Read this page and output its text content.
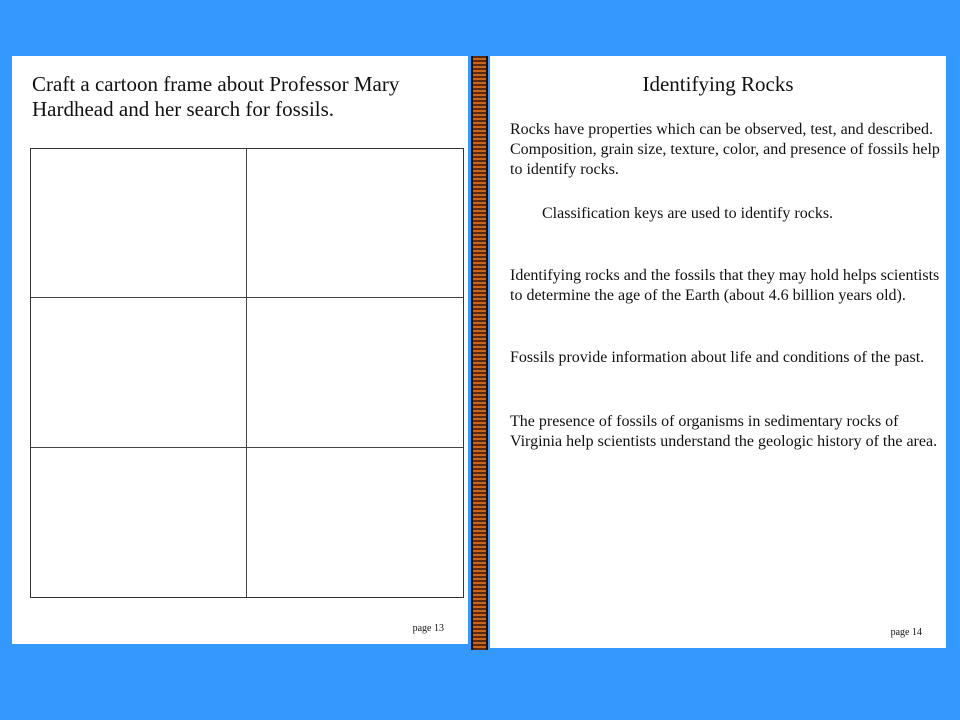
Craft a cartoon frame about Professor Mary Hardhead and her search for fossils.

page 13
Identifying Rocks

Rocks have properties which can be observed, test, and described. Composition, grain size, texture, color, and presence of fossils help to identify rocks.

Classification keys are used to identify rocks.

Identifying rocks and the fossils that they may hold helps scientists to determine the age of the Earth (about 4.6 billion years old).

Fossils provide information about life and conditions of the past.

The presence of fossils of organisms in sedimentary rocks of Virginia help scientists understand the geologic history of the area.

page 14
